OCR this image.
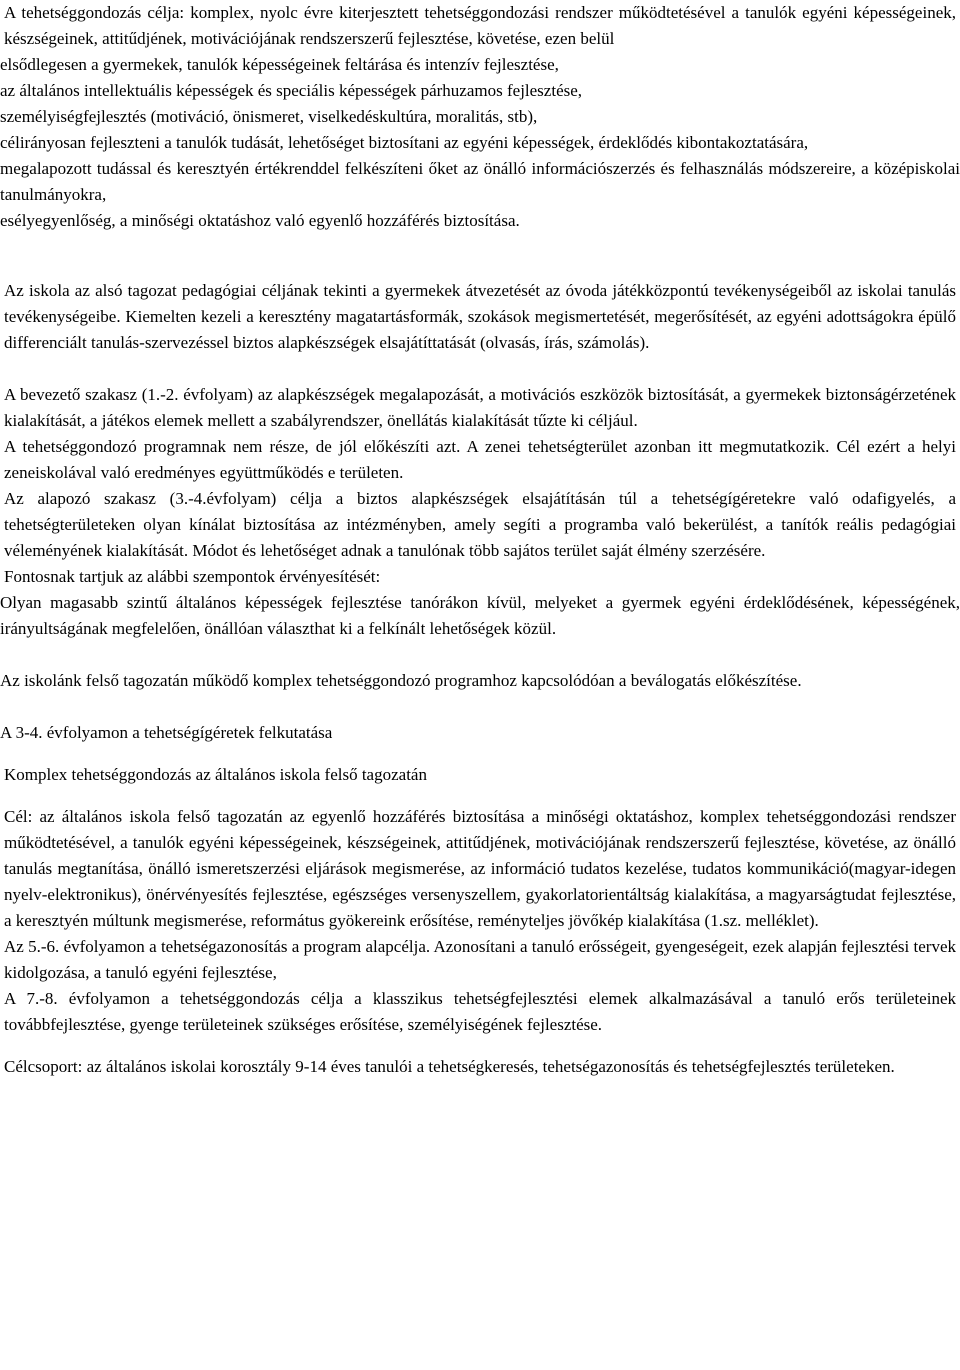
A tehetséggondozás célja: komplex, nyolc évre kiterjesztett tehetséggondozási rendszer működtetésével a tanulók egyéni képességeinek, készségeinek, attitűdjének, motivációjának rendszerszerű fejlesztése, követése, ezen belül

elsődlegesen a gyermekek, tanulók képességeinek feltárása és intenzív fejlesztése,
az általános intellektuális képességek és speciális képességek párhuzamos fejlesztése,
személyiségfejlesztés (motiváció, önismeret, viselkedéskultúra, moralitás, stb),
célirányosan fejleszteni a tanulók tudását, lehetőséget biztosítani az egyéni képességek, érdeklődés kibontakoztatására,
megalapozott tudással és keresztyén értékrenddel felkészíteni őket az önálló információszerzés és felhasználás módszereire, a középiskolai tanulmányokra,
esélyegyenlőség, a minőségi oktatáshoz való egyenlő hozzáférés biztosítása.

Az iskola az alsó tagozat pedagógiai céljának tekinti a gyermekek átvezetését az óvoda játékközpontú tevékenységeiből az iskolai tanulás tevékenységeibe. Kiemelten kezeli a keresztény magatartásformák, szokások megismertetését, megerősítését, az egyéni adottságokra épülő differenciált tanulás-szervezéssel biztos alapkészségek elsajátíttatását (olvasás, írás, számolás).

A bevezető szakasz (1.-2. évfolyam) az alapkészségek megalapozását, a motivációs eszközök biztosítását, a gyermekek biztonságérzetének kialakítását, a játékos elemek mellett a szabályrendszer, önellátás kialakítását tűzte ki céljául.

A tehetséggondozó programnak nem része, de jól előkészíti azt. A zenei tehetségterület azonban itt megmutatkozik. Cél ezért a helyi zeneiskolával való eredményes együttműködés e területen.

Az alapozó szakasz (3.-4.évfolyam) célja a biztos alapkészségek elsajátításán túl a tehetségígéretekre való odafigyelés, a tehetségterületeken olyan kínálat biztosítása az intézményben, amely segíti a programba való bekerülést, a tanítók reális pedagógiai véleményének kialakítását. Módot és lehetőséget adnak a tanulónak több sajátos terület saját élmény szerzésére.

Fontosnak tartjuk az alábbi szempontok érvényesítését:

Olyan magasabb szintű általános képességek fejlesztése tanórákon kívül, melyeket a gyermek egyéni érdeklődésének, képességének, irányultságának megfelelően, önállóan választhat ki a felkínált lehetőségek közül.
Az iskolánk felső tagozatán működő komplex tehetséggondozó programhoz kapcsolódóan a beválogatás előkészítése.
A 3-4. évfolyamon a tehetségígéretek felkutatása

Komplex tehetséggondozás az általános iskola felső tagozatán

Cél: az általános iskola felső tagozatán az egyenlő hozzáférés biztosítása a minőségi oktatáshoz, komplex tehetséggondozási rendszer működtetésével, a tanulók egyéni képességeinek, készségeinek, attitűdjének, motivációjának rendszerszerű fejlesztése, követése, az önálló tanulás megtanítása, önálló ismeretszerzési eljárások megismerése, az információ tudatos kezelése, tudatos kommunikáció(magyar-idegen nyelv-elektronikus), önérvényesítés fejlesztése, egészséges versenyszellem, gyakorlatorientáltság kialakítása, a magyarságtudat fejlesztése, a keresztyén múltunk megismerése, református gyökereink erősítése, reményteljes jövőkép kialakítása (1.sz. melléklet).

Az 5.-6. évfolyamon a tehetségazonosítás a program alapcélja. Azonosítani a tanuló erősségeit, gyengeségeit, ezek alapján fejlesztési tervek kidolgozása, a tanuló egyéni fejlesztése,

A 7.-8. évfolyamon a tehetséggondozás célja a klasszikus tehetségfejlesztési elemek alkalmazásával a tanuló erős területeinek továbbfejlesztése, gyenge területeinek szükséges erősítése, személyiségének fejlesztése.

Célcsoport: az általános iskolai korosztály 9-14 éves tanulói a tehetségkeresés, tehetségazonosítás és tehetségfejlesztés területeken.
